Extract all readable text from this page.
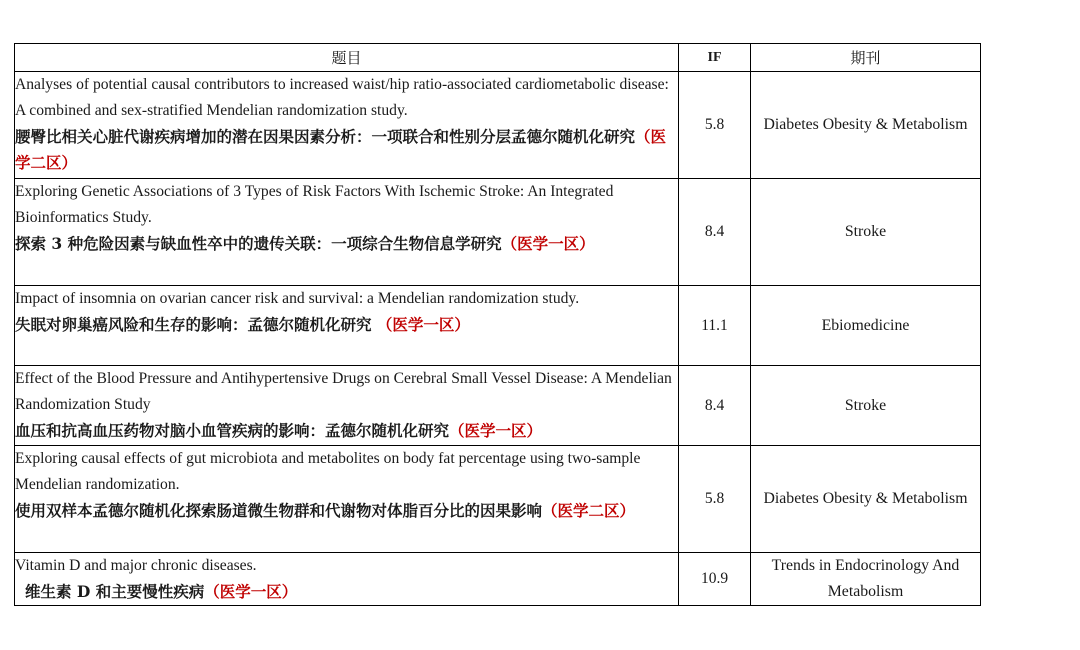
题目	IF	期刊

Analyses of potential causal contributors to increased waist/hip ratio-associated cardiometabolic disease: A combined and sex-stratified Mendelian randomization study.
腰臀比相关心脏代谢疾病增加的潜在因果因素分析：一项联合和性别分层孟德尔随机化研究（医学二区）	5.8	Diabetes Obesity & Metabolism

Exploring Genetic Associations of 3 Types of Risk Factors With Ischemic Stroke: An Integrated Bioinformatics Study.
探索 3 种危险因素与缺血性卒中的遗传关联：一项综合生物信息学研究（医学一区）	8.4	Stroke

Impact of insomnia on ovarian cancer risk and survival: a Mendelian randomization study.
失眠对卵巢癌风险和生存的影响：孟德尔随机化研究 （医学一区）	11.1	Ebiomedicine

Effect of the Blood Pressure and Antihypertensive Drugs on Cerebral Small Vessel Disease: A Mendelian Randomization Study
血压和抗高血压药物对脑小血管疾病的影响：孟德尔随机化研究（医学一区）	8.4	Stroke

Exploring causal effects of gut microbiota and metabolites on body fat percentage using two-sample Mendelian randomization.
使用双样本孟德尔随机化探索肠道微生物群和代谢物对体脂百分比的因果影响（医学二区）	5.8	Diabetes Obesity & Metabolism

Vitamin D and major chronic diseases.
维生素 D 和主要慢性疾病（医学一区）	10.9	Trends in Endocrinology And Metabolism
